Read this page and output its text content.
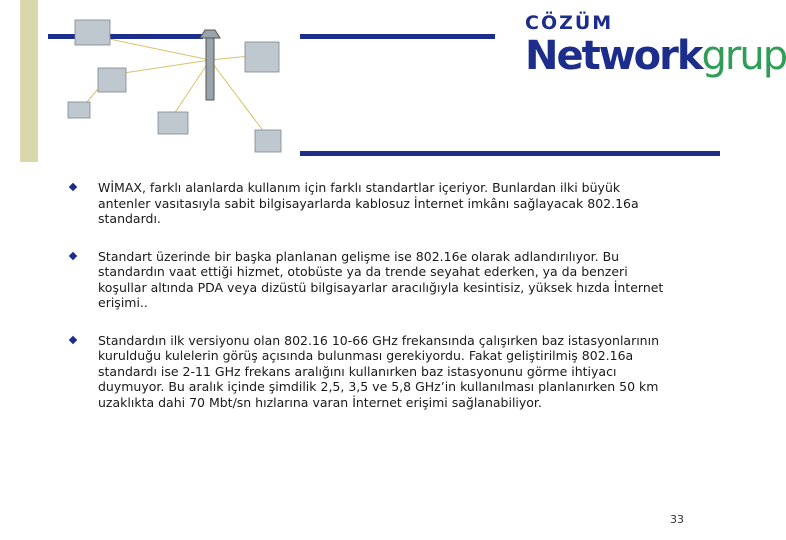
CÖZÜM
Networkgrup
WİMAX, farklı alanlarda kullanım için farklı standartlar içeriyor. Bunlardan ilki büyük antenler vasıtasıyla sabit bilgisayarlarda kablosuz İnternet imkânı sağlayacak 802.16a standardı.
Standart üzerinde bir başka planlanan gelişme ise 802.16e olarak adlandırılıyor. Bu standardın vaat ettiği hizmet, otobüste ya da trende seyahat ederken, ya da benzeri koşullar altında PDA veya dizüstü bilgisayarlar aracılığıyla kesintisiz, yüksek hızda İnternet erişimi..
Standardın ilk versiyonu olan 802.16 10-66 GHz frekansında çalışırken baz istasyonlarının kurulduğu kulelerin görüş açısında bulunması gerekiyordu. Fakat geliştirilmiş 802.16a standardı ise 2-11 GHz frekans aralığını kullanırken baz istasyonunu görme ihtiyacı duymuyor. Bu aralık içinde şimdilik 2,5, 3,5 ve 5,8 GHz’in kullanılması planlanırken 50 km uzaklıkta dahi 70 Mbt/sn hızlarına varan İnternet erişimi sağlanabiliyor.
33
